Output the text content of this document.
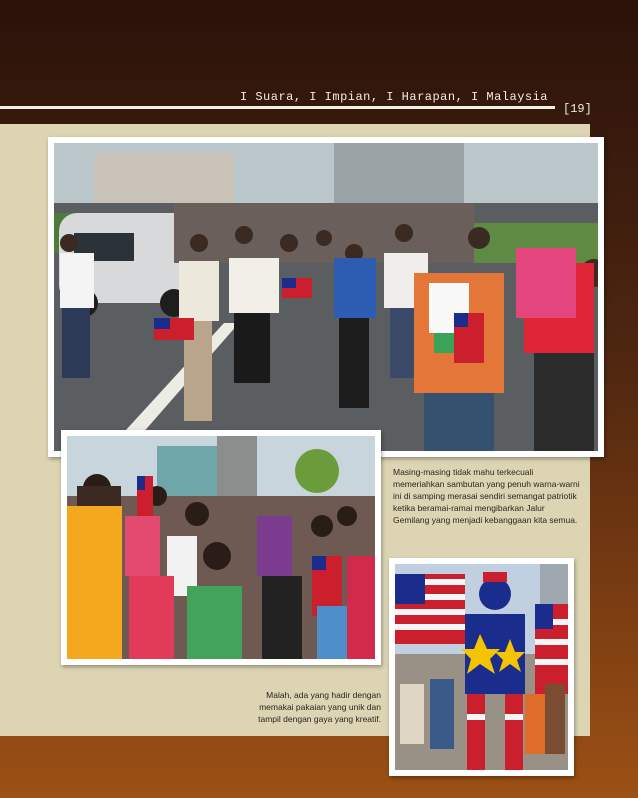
I Suara, I Impian, I Harapan, I Malaysia
[19]
Masing-masing tidak mahu terkecuali memeriahkan sambutan yang penuh warna-warni ini di samping merasai sendiri semangat patriotik ketika beramai-ramai mengibarkan Jalur Gemilang yang menjadi kebanggaan kita semua.
Malah, ada yang hadir dengan memakai pakaian yang unik dan tampil dengan gaya yang kreatif.
